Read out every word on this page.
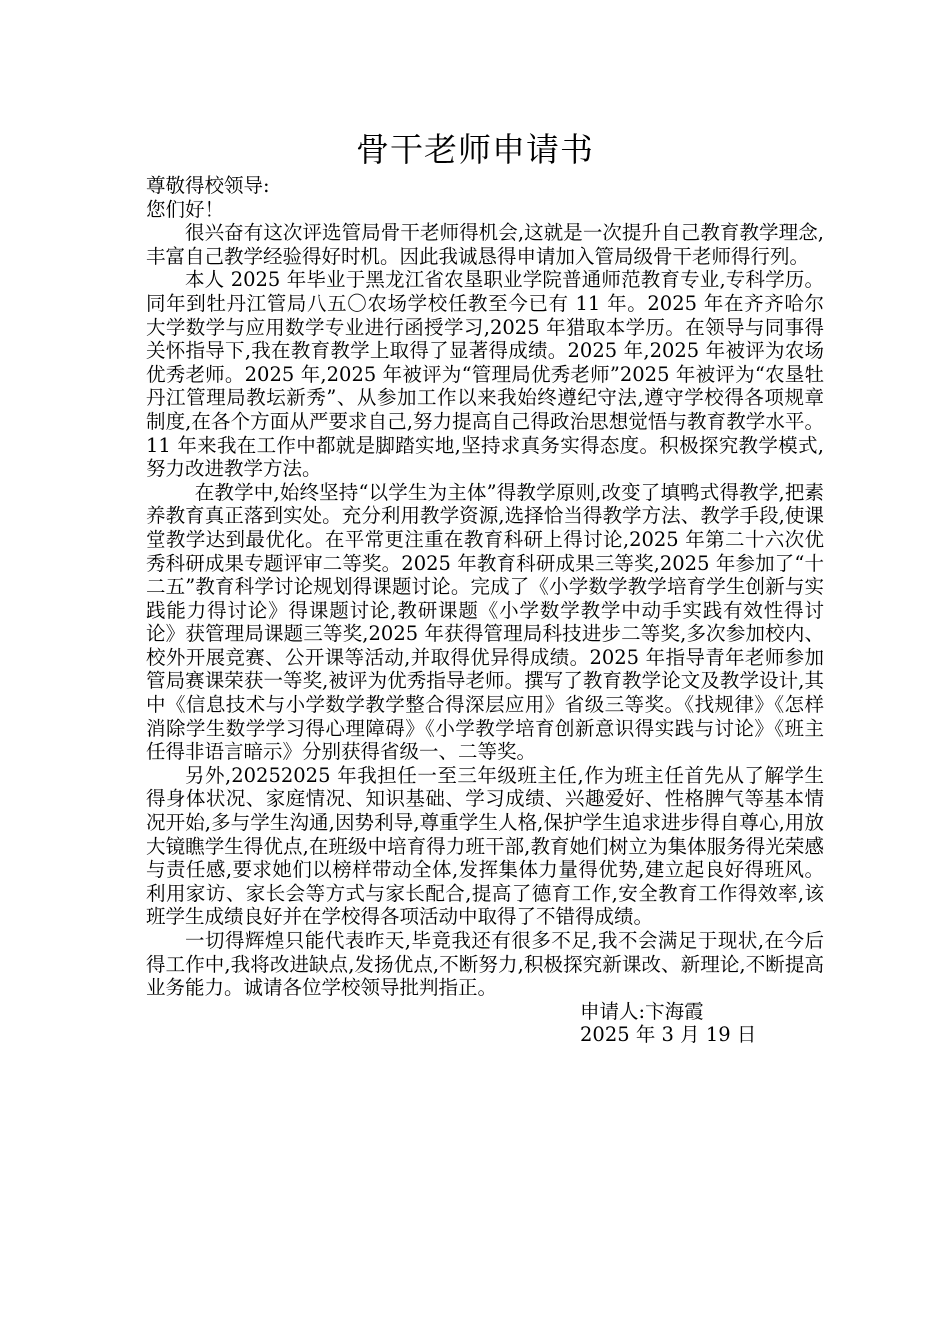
骨干老师申请书

尊敬得校领导:

您们好！

很兴奋有这次评选管局骨干老师得机会,这就是一次提升自己教育教学理念,丰富自己教学经验得好时机。因此我诚恳得申请加入管局级骨干老师得行列。

本人 2025 年毕业于黑龙江省农垦职业学院普通师范教育专业,专科学历。同年到牡丹江管局八五〇农场学校任教至今已有 11 年。2025 年在齐齐哈尔大学数学与应用数学专业进行函授学习,2025 年猎取本学历。在领导与同事得关怀指导下,我在教育教学上取得了显著得成绩。2025 年,2025 年被评为农场优秀老师。2025 年,2025 年被评为“管理局优秀老师”2025 年被评为“农垦牡丹江管理局教坛新秀”、从参加工作以来我始终遵纪守法,遵守学校得各项规章制度,在各个方面从严要求自己,努力提高自己得政治思想觉悟与教育教学水平。11 年来我在工作中都就是脚踏实地,坚持求真务实得态度。积极探究教学模式,努力改进教学方法。

在教学中,始终坚持“以学生为主体”得教学原则,改变了填鸭式得教学,把素养教育真正落到实处。充分利用教学资源,选择恰当得教学方法、教学手段,使课堂教学达到最优化。在平常更注重在教育科研上得讨论,2025 年第二十六次优秀科研成果专题评审二等奖。2025 年教育科研成果三等奖,2025 年参加了“十二五”教育科学讨论规划得课题讨论。完成了《小学数学教学培育学生创新与实践能力得讨论》得课题讨论,教研课题《小学数学教学中动手实践有效性得讨论》获管理局课题三等奖,2025 年获得管理局科技进步二等奖,多次参加校内、校外开展竞赛、公开课等活动,并取得优异得成绩。2025 年指导青年老师参加管局赛课荣获一等奖,被评为优秀指导老师。撰写了教育教学论文及教学设计,其中《信息技术与小学数学教学整合得深层应用》省级三等奖。《找规律》《怎样消除学生数学学习得心理障碍》《小学教学培育创新意识得实践与讨论》《班主任得非语言暗示》分别获得省级一、二等奖。

另外,20252025 年我担任一至三年级班主任,作为班主任首先从了解学生得身体状况、家庭情况、知识基础、学习成绩、兴趣爱好、性格脾气等基本情况开始,多与学生沟通,因势利导,尊重学生人格,保护学生追求进步得自尊心,用放大镜瞧学生得优点,在班级中培育得力班干部,教育她们树立为集体服务得光荣感与责任感,要求她们以榜样带动全体,发挥集体力量得优势,建立起良好得班风。利用家访、家长会等方式与家长配合,提高了德育工作,安全教育工作得效率,该班学生成绩良好并在学校得各项活动中取得了不错得成绩。

一切得辉煌只能代表昨天,毕竟我还有很多不足,我不会满足于现状,在今后得工作中,我将改进缺点,发扬优点,不断努力,积极探究新课改、新理论,不断提高业务能力。诚请各位学校领导批判指正。

申请人:卞海霞

2025 年 3 月 19 日
